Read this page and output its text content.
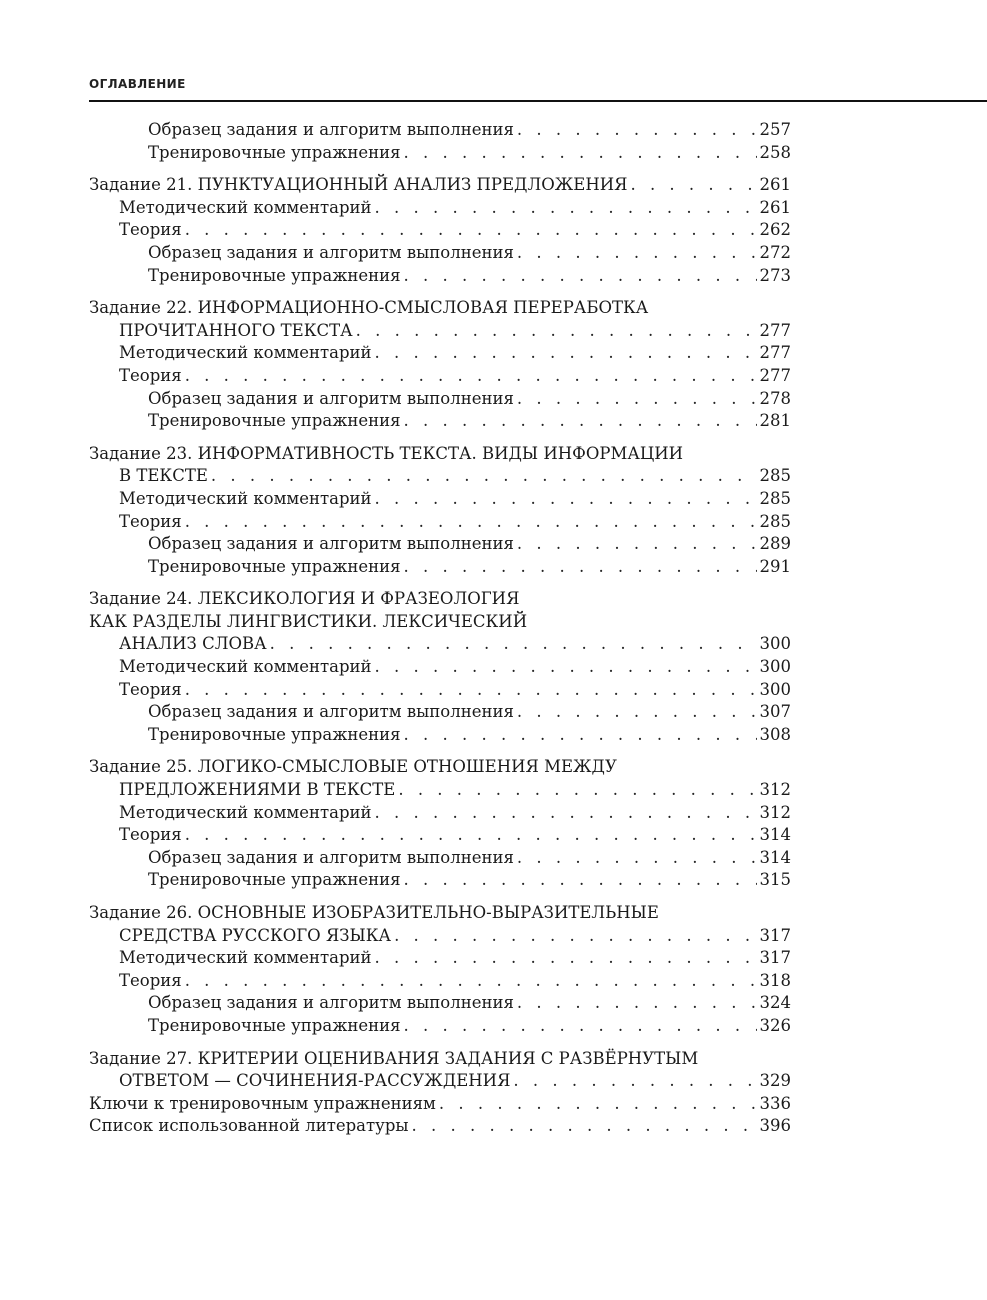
ОГЛАВЛЕНИЕ
Образец задания и алгоритм выполнения . . .	257
Тренировочные упражнения . . .	258
Задание 21. ПУНКТУАЦИОННЫЙ АНАЛИЗ ПРЕДЛОЖЕНИЯ . . .	261
Методический комментарий . . .	261
Теория . . .	262
Образец задания и алгоритм выполнения . . .	272
Тренировочные упражнения . . .	273
Задание 22. ИНФОРМАЦИОННО-СМЫСЛОВАЯ ПЕРЕРАБОТКА
ПРОЧИТАННОГО ТЕКСТА . . .	277
Методический комментарий . . .	277
Теория . . .	277
Образец задания и алгоритм выполнения . . .	278
Тренировочные упражнения . . .	281
Задание 23. ИНФОРМАТИВНОСТЬ ТЕКСТА. ВИДЫ ИНФОРМАЦИИ
В ТЕКСТЕ . . .	285
Методический комментарий . . .	285
Теория . . .	285
Образец задания и алгоритм выполнения . . .	289
Тренировочные упражнения . . .	291
Задание 24. ЛЕКСИКОЛОГИЯ И ФРАЗЕОЛОГИЯ
КАК РАЗДЕЛЫ ЛИНГВИСТИКИ. ЛЕКСИЧЕСКИЙ
АНАЛИЗ СЛОВА . . .	300
Методический комментарий . . .	300
Теория . . .	300
Образец задания и алгоритм выполнения . . .	307
Тренировочные упражнения . . .	308
Задание 25. ЛОГИКО-СМЫСЛОВЫЕ ОТНОШЕНИЯ МЕЖДУ
ПРЕДЛОЖЕНИЯМИ В ТЕКСТЕ . . .	312
Методический комментарий . . .	312
Теория . . .	314
Образец задания и алгоритм выполнения . . .	314
Тренировочные упражнения . . .	315
Задание 26. ОСНОВНЫЕ ИЗОБРАЗИТЕЛЬНО-ВЫРАЗИТЕЛЬНЫЕ
СРЕДСТВА РУССКОГО ЯЗЫКА . . .	317
Методический комментарий . . .	317
Теория . . .	318
Образец задания и алгоритм выполнения . . .	324
Тренировочные упражнения . . .	326
Задание 27. КРИТЕРИИ ОЦЕНИВАНИЯ ЗАДАНИЯ С РАЗВЁРНУТЫМ
ОТВЕТОМ — СОЧИНЕНИЯ-РАССУЖДЕНИЯ . . .	329
Ключи к тренировочным упражнениям . . .	336
Список использованной литературы . . .	396
